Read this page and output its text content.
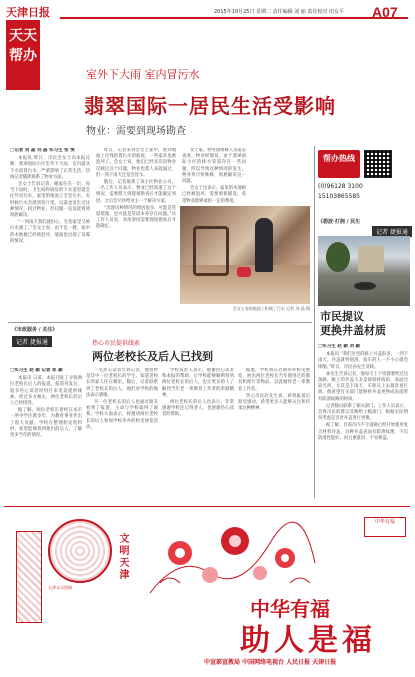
天津日报
天天帮办
2015年10月25日 星期二 责任编辑 刘 丽 责任校对 田女平	A07
室外下大雨 室内冒污水
翡翠国际一居民生活受影响
物业：需要到现场勘查
□记者 刘 晶 刘 晶 实习生 张 雯

本报讯 昨日，市民会女士向本报反映：翡翠国际小区室外下大雨，室内就从下水道冒污水，严重影响了正常生活。热线记者随即联系了物业方面。

会女士告诉记者，她家住在一层，每当下雨时，卫生间和厨房的下水道里就会往外冒污水，家里的地面上全是污水，有时候污水会漫到客厅里。以前也发生过这种情况，找过物业，但问题一直没能得到彻底解决。

“一到雨天我们就担心，生怕家里又被污水淹了。”会女士说，由于是一楼，家中的木地板已经被泡坏，墙面也出现了发霉的情况。

昨日，记者来到会女士家中，看到地面上还残留着污水的痕迹，一些家具也被泡坏了。会女士说，他们已经多次向物业反映过这个问题，物业也派人来疏通过，但一到下雨天还是会冒水。

随后，记者联系了该小区物业公司。一名工作人员表示，物业已经知道了这个情况，需要派人到现场勘查后才能确定原因，之后会尽快给业主一个解决方案。

“出现这种情况的原因很多，可能是管道堵塞，也可能是管道本身存在问题。”该工作人员说，具体原因需要现场勘查后才能确定。

女士家，物业派维修人员前去查看。物业经理说，由于翡翠国际小区的排水管道存在一些问题，所以导致这种情况的发生，物业将尽快维修，彻底解决这一问题。

会女士还表示，家里的木地板已经被泡坏，需要重新铺设，希望物业能够承担一定的费用。

会女士家的地面上积满了污水 记者 刘 晶 摄
帮办热线
(0)96128 3100
15103865585
《碧波·打拥 / 民生
记者 捷报通
市民提议
更换井盖材质
□实习生 赵 颖 刘 颖

本报讯 “我们区里的路上井盖很多，一到下雨天，井盖就特别滑，骑车的人一不小心就会摔倒。”昨日，市民孙先生反映。

孙先生告诉记者，他每天上下班都要经过这条路，路上的井盖大多是铸铁材质的，表面比较光滑，尤其是下雨天，车轮压上去很容易打滑。他希望有关部门能够将井盖更换成表面带有防滑纹路的材质。

记者随后联系了相关部门。工作人员表示，会将市民的建议反映给上级部门，根据实际情况考虑是否对井盖进行更换。

据了解，目前市内不少道路已经开始使用复合材料井盖，这种井盖表面有防滑纹理，不仅防滑性能好，而且重量轻、不易被盗。

《市政服务 / 关注》
记者 捷报通	热心市民提供线索
两位老校长及后人已找到
□实习生 赵 颖 记者 郑 颖

本报讯 日前，本报刊发了寻找两位老校长后人的报道。报道刊发后，很多热心读者纷纷打来电话提供线索，经过多方核实，两位老校长的后人已经找到。

据了解，两位老校长曾经在本市一所中学任教多年，为教育事业作出了很大贡献。学校在整理校史资料时，希望能够找到他们的后人，了解更多当年的情况。

一名热心读者告诉记者，他曾经是其中一位老校长的学生，知道老校长的家人住在哪里。随后，记者联系到了老校长的后人，他们对学校的做法表示感谢。

另一位老校长的后人也通过朋友看到了报道，主动与学校取得了联系。学校方面表示，将邀请两位老校长的后人参加学校举办的校史展览活动。

学校负责人表示，感谢热心读者和本报的帮助，让学校能够顺利找到两位老校长的后人，也让更多的人了解到当年老一辈教育工作者的奉献精神。

两位老校长的后人也表示，非常感谢学校还记得老人，也感谢热心读者的帮助。

据悉，学校将在近期举办校史展览，展出两位老校长当年使用过的教具和照片等物品，以此缅怀老一辈教育工作者。

热心市民赵先生说，看到报道后很受感动，希望更多人能够关注和传承这种精神。

文明天津
天津永乐图画
中华有福
中华有福
助人是福
中宣部宣教局 中国网络电视台 人民日报 天津日报
